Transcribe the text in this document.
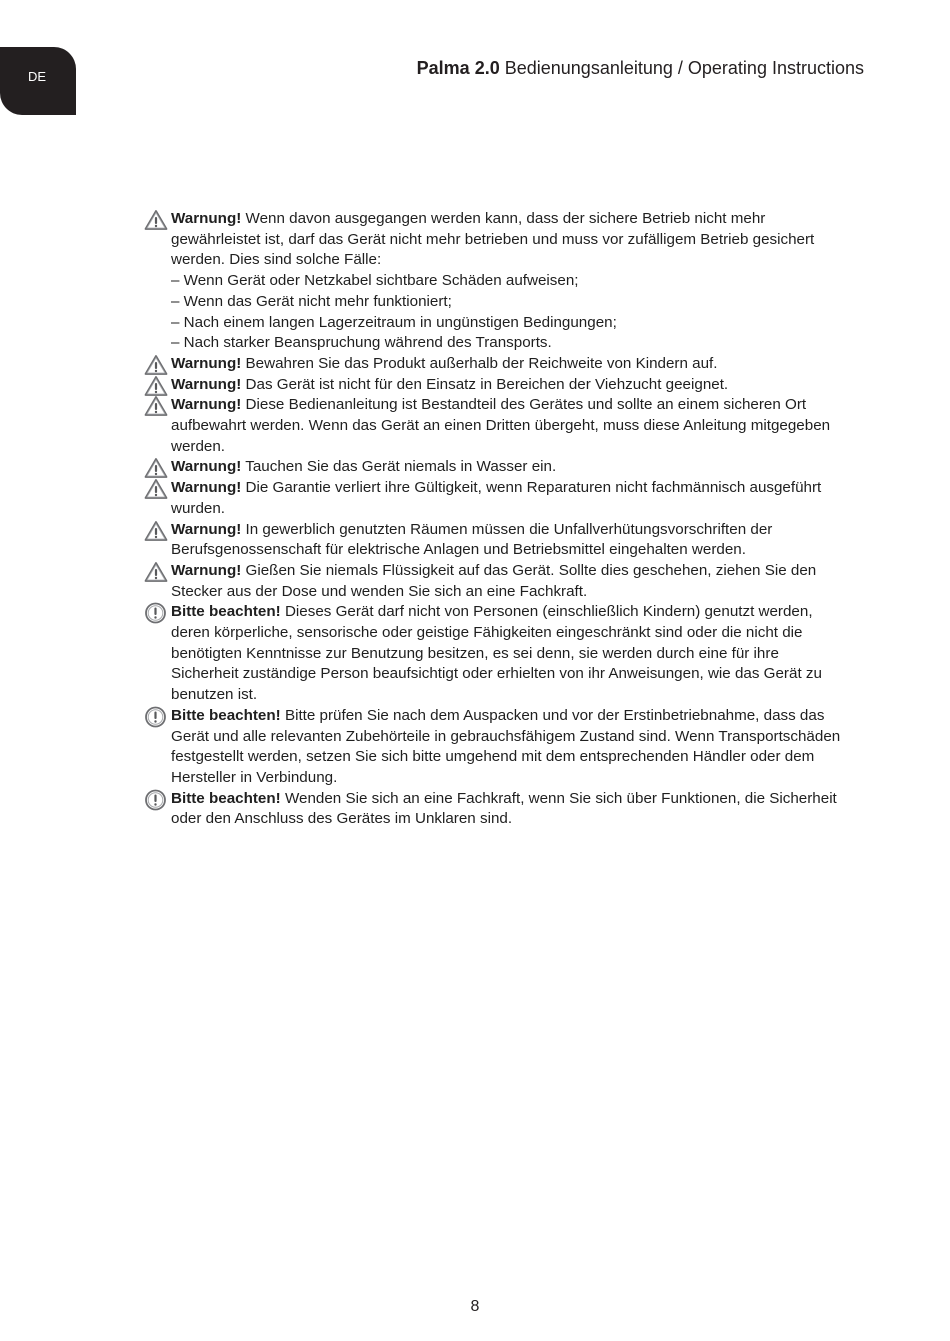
DE	Palma 2.0 Bedienungsanleitung / Operating Instructions
Warnung! Wenn davon ausgegangen werden kann, dass der sichere Betrieb nicht mehr gewährleistet ist, darf das Gerät nicht mehr betrieben und muss vor zufälligem Betrieb gesichert werden. Dies sind solche Fälle:
– Wenn Gerät oder Netzkabel sichtbare Schäden aufweisen;
– Wenn das Gerät nicht mehr funktioniert;
– Nach einem langen Lagerzeitraum in ungünstigen Bedingungen;
– Nach starker Beanspruchung während des Transports.
Warnung! Bewahren Sie das Produkt außerhalb der Reichweite von Kindern auf.
Warnung! Das Gerät ist nicht für den Einsatz in Bereichen der Viehzucht geeignet.
Warnung! Diese Bedienanleitung ist Bestandteil des Gerätes und sollte an einem sicheren Ort aufbewahrt werden. Wenn das Gerät an einen Dritten übergeht, muss diese Anleitung mitgegeben werden.
Warnung! Tauchen Sie das Gerät niemals in Wasser ein.
Warnung! Die Garantie verliert ihre Gültigkeit, wenn Reparaturen nicht fachmännisch ausgeführt wurden.
Warnung! In gewerblich genutzten Räumen müssen die Unfallverhütungsvorschriften der Berufsgenossenschaft für elektrische Anlagen und Betriebsmittel eingehalten werden.
Warnung! Gießen Sie niemals Flüssigkeit auf das Gerät. Sollte dies geschehen, ziehen Sie den Stecker aus der Dose und wenden Sie sich an eine Fachkraft.
Bitte beachten! Dieses Gerät darf nicht von Personen (einschließlich Kindern) genutzt werden, deren körperliche, sensorische oder geistige Fähigkeiten eingeschränkt sind oder die nicht die benötigten Kenntnisse zur Benutzung besitzen, es sei denn, sie werden durch eine für ihre Sicherheit zuständige Person beaufsichtigt oder erhielten von ihr Anweisungen, wie das Gerät zu benutzen ist.
Bitte beachten! Bitte prüfen Sie nach dem Auspacken und vor der Erstinbetriebnahme, dass das Gerät und alle relevanten Zubehörteile in gebrauchsfähigem Zustand sind. Wenn Transportschäden festgestellt werden, setzen Sie sich bitte umgehend mit dem entsprechenden Händler oder dem Hersteller in Verbindung.
Bitte beachten! Wenden Sie sich an eine Fachkraft, wenn Sie sich über Funktionen, die Sicherheit oder den Anschluss des Gerätes im Unklaren sind.
8
